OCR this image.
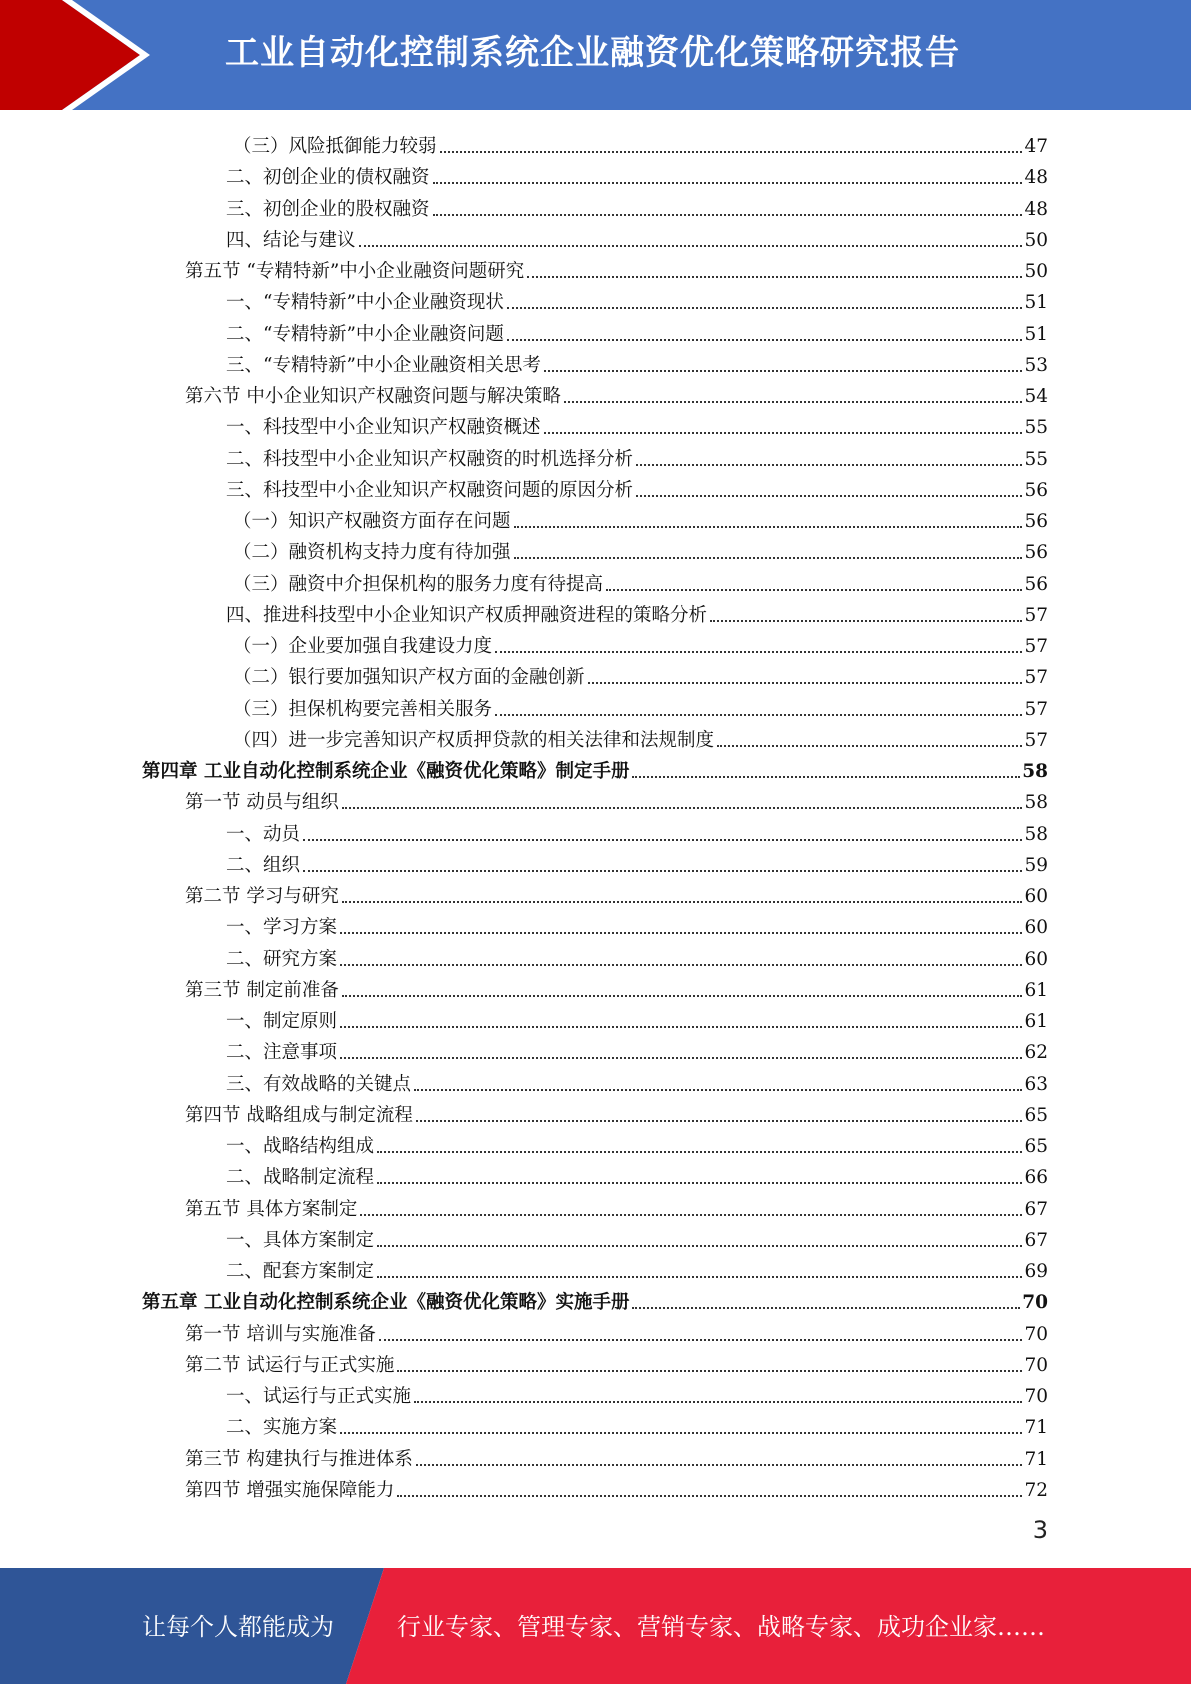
工业自动化控制系统企业融资优化策略研究报告
（三）风险抵御能力较弱	47
二、初创企业的债权融资	48
三、初创企业的股权融资	48
四、结论与建议	50
第五节 “专精特新”中小企业融资问题研究	50
一、“专精特新”中小企业融资现状	51
二、“专精特新”中小企业融资问题	51
三、“专精特新”中小企业融资相关思考	53
第六节 中小企业知识产权融资问题与解决策略	54
一、科技型中小企业知识产权融资概述	55
二、科技型中小企业知识产权融资的时机选择分析	55
三、科技型中小企业知识产权融资问题的原因分析	56
（一）知识产权融资方面存在问题	56
（二）融资机构支持力度有待加强	56
（三）融资中介担保机构的服务力度有待提高	56
四、推进科技型中小企业知识产权质押融资进程的策略分析	57
（一）企业要加强自我建设力度	57
（二）银行要加强知识产权方面的金融创新	57
（三）担保机构要完善相关服务	57
（四）进一步完善知识产权质押贷款的相关法律和法规制度	57
第四章 工业自动化控制系统企业《融资优化策略》制定手册	58
第一节 动员与组织	58
一、动员	58
二、组织	59
第二节 学习与研究	60
一、学习方案	60
二、研究方案	60
第三节 制定前准备	61
一、制定原则	61
二、注意事项	62
三、有效战略的关键点	63
第四节 战略组成与制定流程	65
一、战略结构组成	65
二、战略制定流程	66
第五节 具体方案制定	67
一、具体方案制定	67
二、配套方案制定	69
第五章 工业自动化控制系统企业《融资优化策略》实施手册	70
第一节 培训与实施准备	70
第二节 试运行与正式实施	70
一、试运行与正式实施	70
二、实施方案	71
第三节 构建执行与推进体系	71
第四节 增强实施保障能力	72
3
让每个人都能成为	行业专家、管理专家、营销专家、战略专家、成功企业家……
